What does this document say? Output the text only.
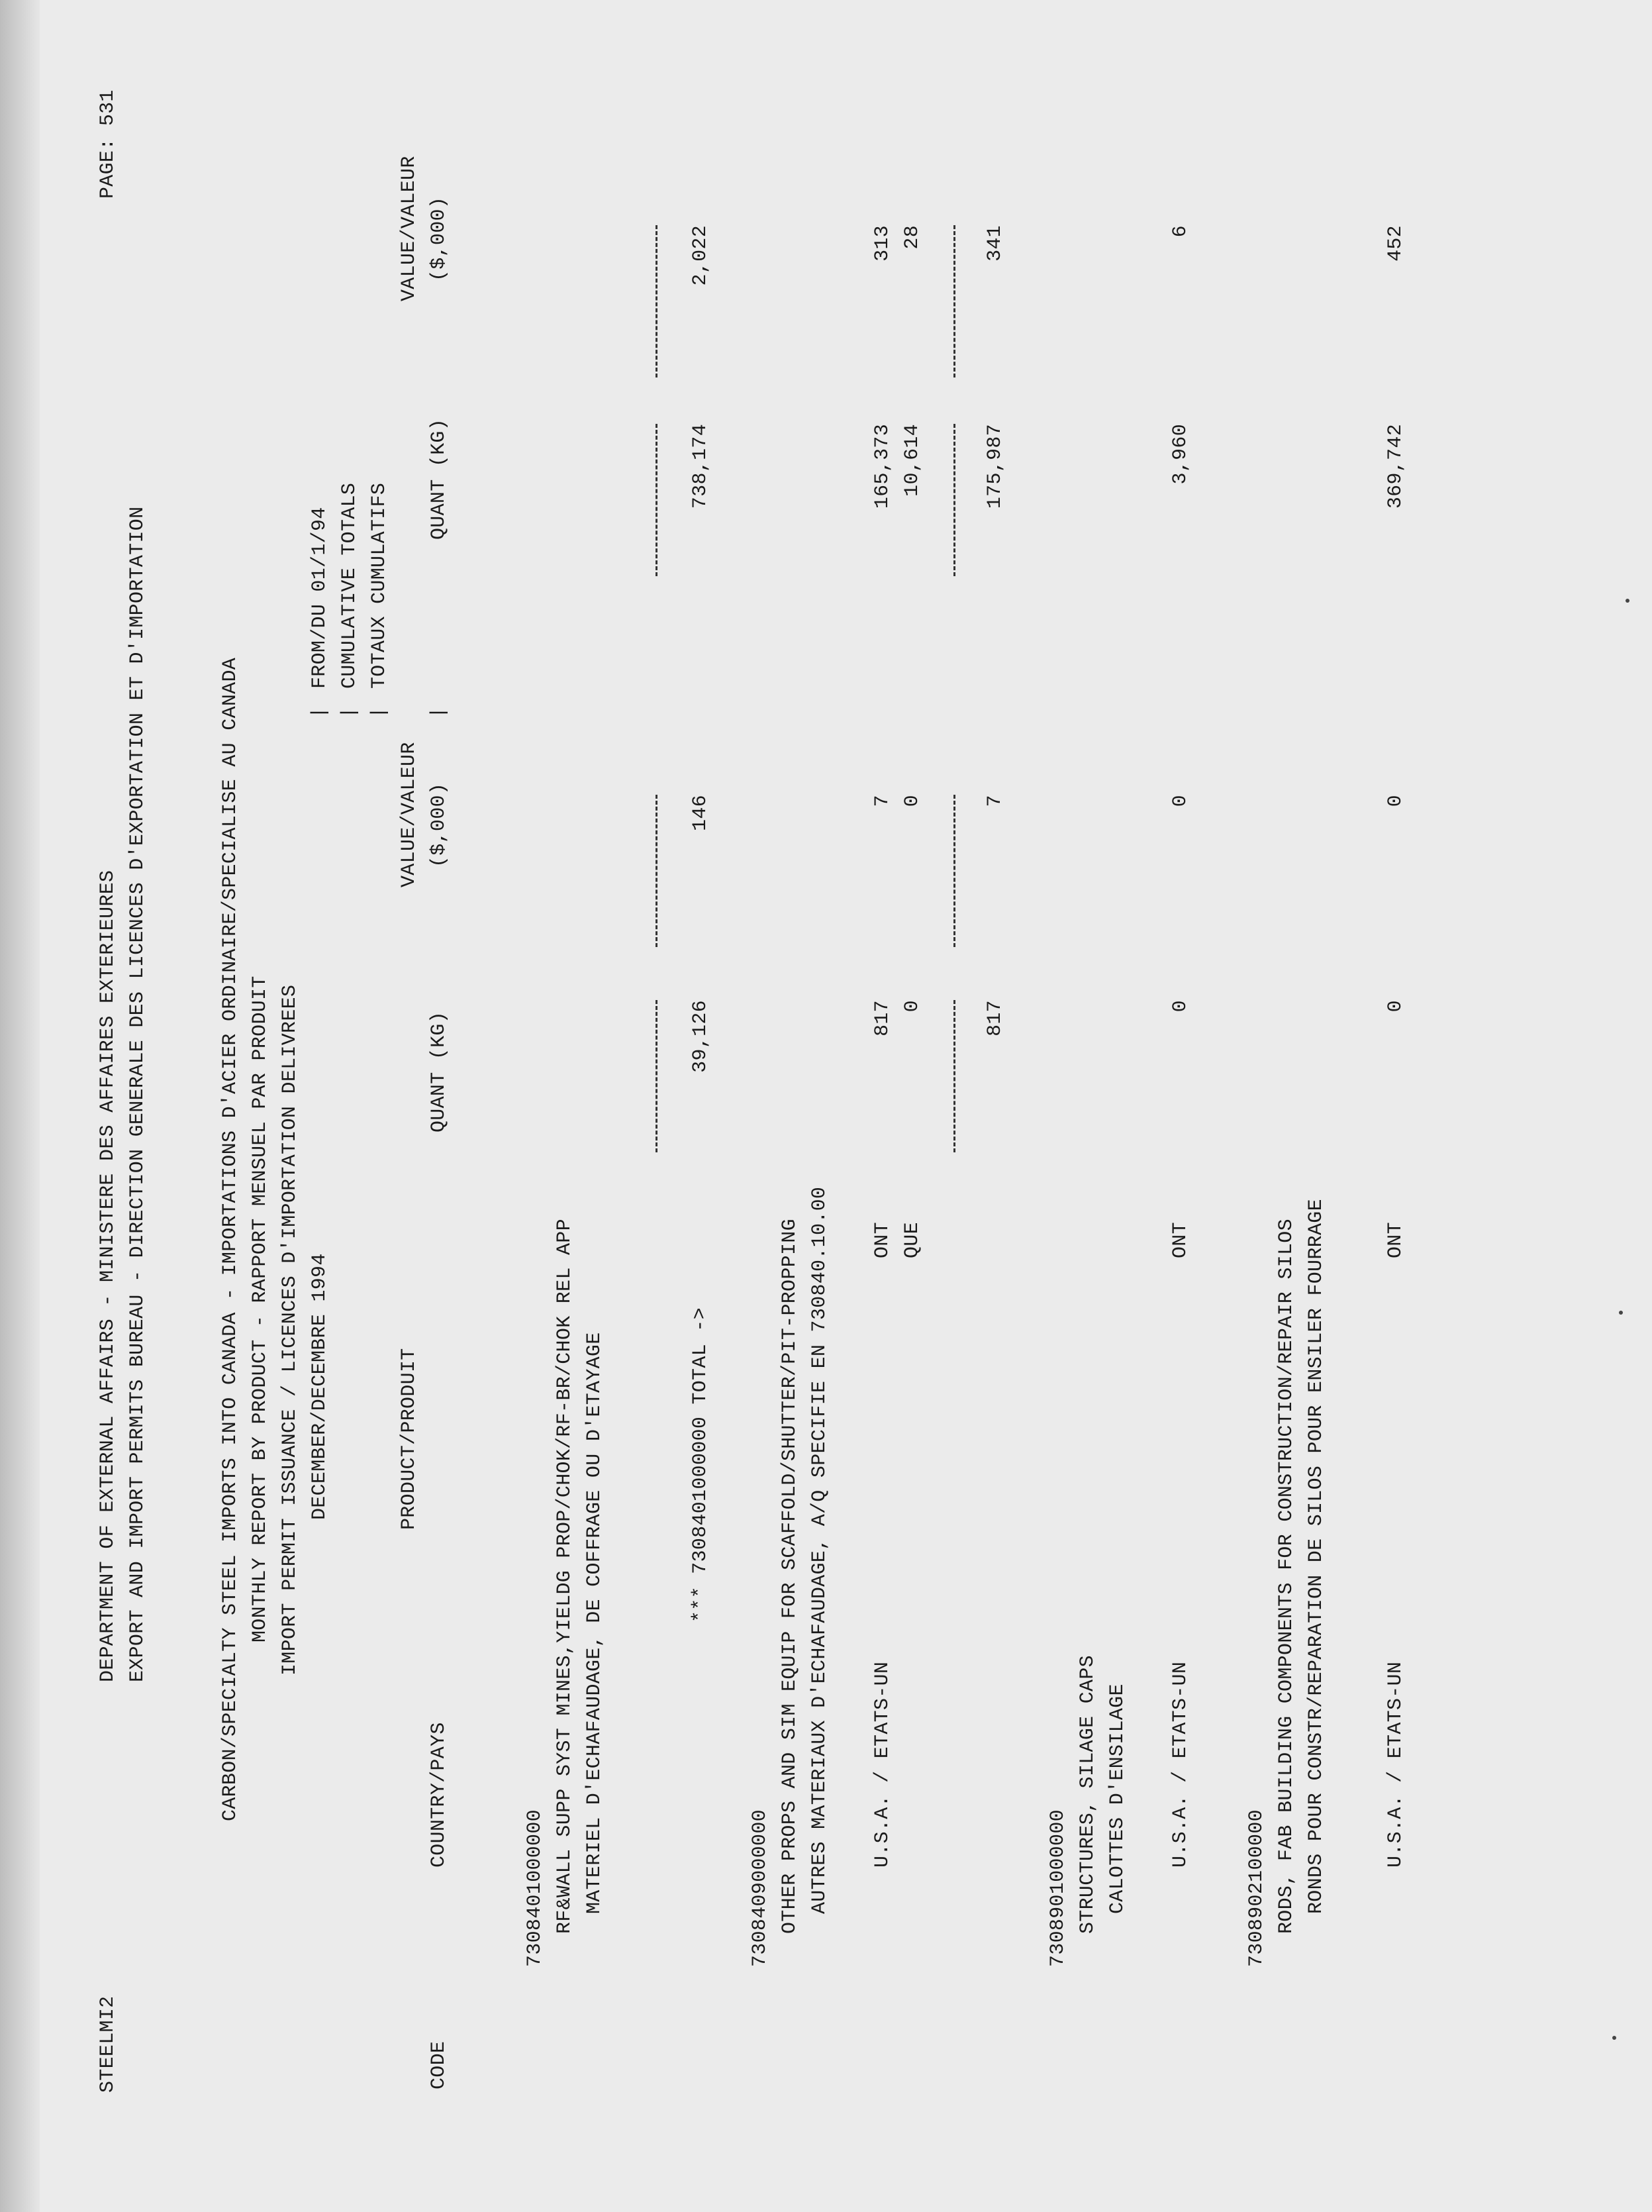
STEELMI2
DEPARTMENT OF EXTERNAL AFFAIRS - MINISTERE DES AFFAIRES EXTERIEURES EXPORT AND IMPORT PERMITS BUREAU - DIRECTION GENERALE DES LICENCES D'EXPORTATION ET D'IMPORTATION
PAGE: 531
CARBON/SPECIALTY STEEL IMPORTS INTO CANADA - IMPORTATIONS D'ACIER ORDINAIRE/SPECIALISE AU CANADA MONTHLY REPORT BY PRODUCT - RAPPORT MENSUEL PAR PRODUIT IMPORT PERMIT ISSUANCE / LICENCES D'IMPORTATION DELIVREES DECEMBER/DECEMBRE 1994
| | | |
FROM/DU 01/1/94 CUMULATIVE TOTALS TOTAUX CUMULATIFS
PRODUCT/PRODUIT
VALUE/VALEUR
VALUE/VALEUR
CODE
COUNTRY/PAYS
QUANT (KG)
($,000)
QUANT (KG)
($,000)
7308401000000 RF&WALL SUPP SYST MINES,YIELDG PROP/CHOK/RF-BR/CHOK REL APP MATERIEL D'ECHAFAUDAGE, DE COFFRAGE OU D'ETAYAGE	*** 7308401000000 TOTAL ->
39,126
146
738,174
2,022
7308409000000 OTHER PROPS AND SIM EQUIP FOR SCAFFOLD/SHUTTER/PIT-PROPPING AUTRES MATERIAUX D'ECHAFAUDAGE, A/Q SPECIFIE EN 730840.10.00 U.S.A. / ETATS-UN
ONT
817
7
165,373
313
QUE
0
0
10,614
28
817
7
175,987
341
7308901000000 STRUCTURES, SILAGE CAPS CALOTTES D'ENSILAGE U.S.A. / ETATS-UN
ONT
0
0
3,960
6
7308902100000 RODS, FAB BUILDING COMPONENTS FOR CONSTRUCTION/REPAIR SILOS RONDS POUR CONSTR/REPARATION DE SILOS POUR ENSILER FOURRAGE	U.S.A. / ETATS-UN
ONT
0
0
369,742
452
